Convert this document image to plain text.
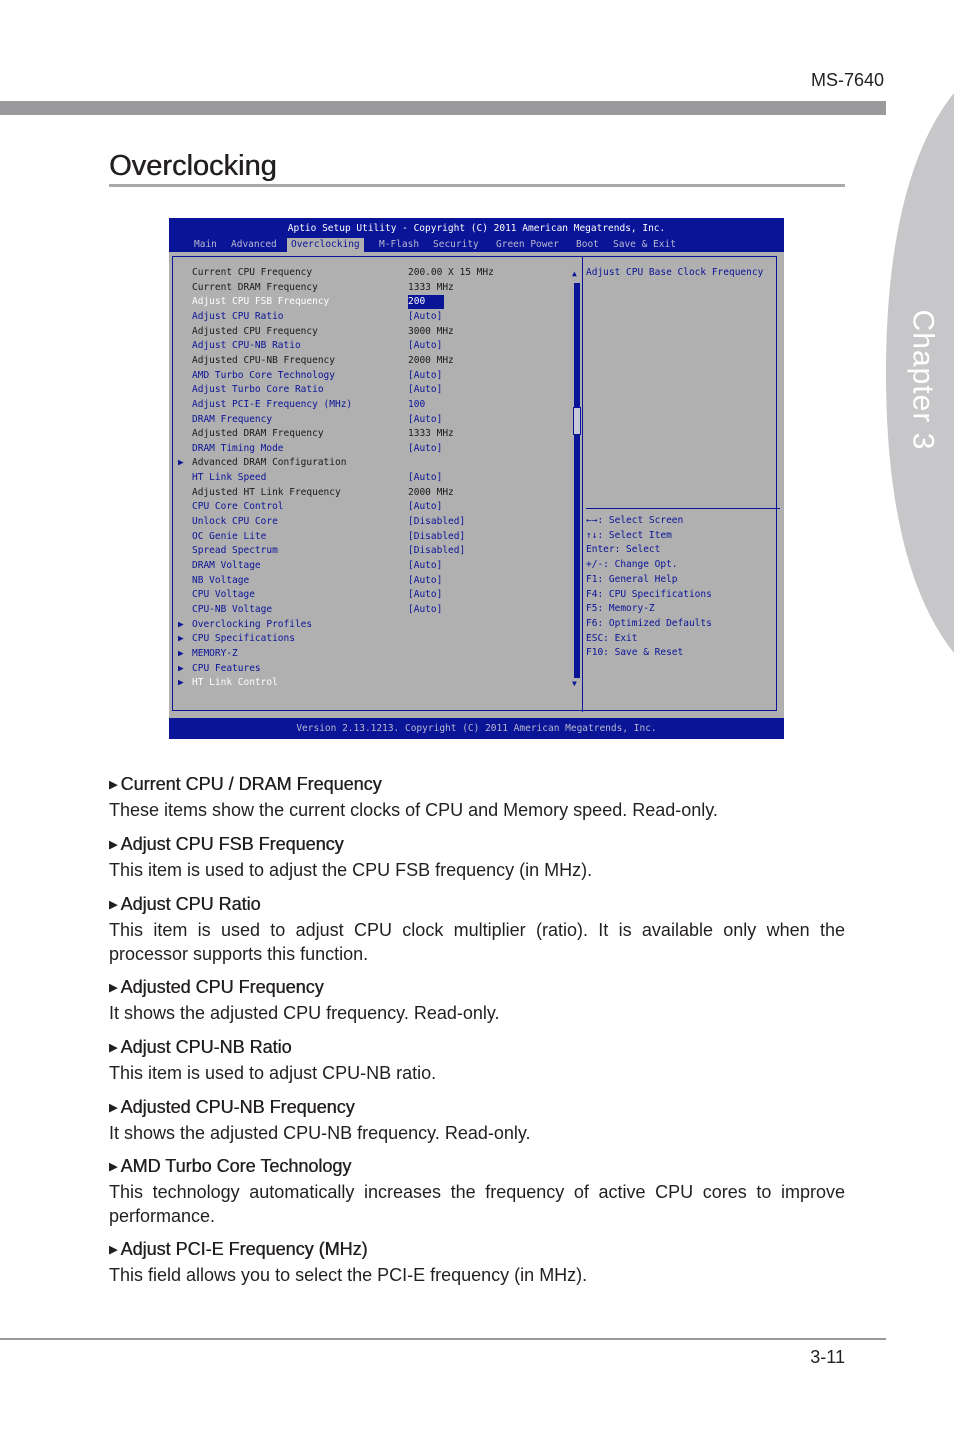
MS-7640
Chapter 3
Overclocking
Aptio Setup Utility - Copyright (C) 2011 American Megatrends, Inc.
Main Advanced	Overclocking	M-Flash Security Green Power Boot Save & Exit
▲
▼
Current CPU Frequency	200.00 X 15 MHz
Current DRAM Frequency	1333 MHz
Adjust CPU FSB Frequency	200
Adjust CPU Ratio	[Auto]
Adjusted CPU Frequency	3000 MHz
Adjust CPU-NB Ratio	[Auto]
Adjusted CPU-NB Frequency	2000 MHz
AMD Turbo Core Technology	[Auto]
Adjust Turbo Core Ratio	[Auto]
Adjust PCI-E Frequency (MHz)	100
DRAM Frequency	[Auto]
Adjusted DRAM Frequency	1333 MHz
DRAM Timing Mode	[Auto]
▶ Advanced DRAM Configuration
HT Link Speed	[Auto]
Adjusted HT Link Frequency	2000 MHz
CPU Core Control	[Auto]
Unlock CPU Core	[Disabled]
OC Genie Lite	[Disabled]
Spread Spectrum	[Disabled]
DRAM Voltage	[Auto]
NB Voltage	[Auto]
CPU Voltage	[Auto]
CPU-NB Voltage	[Auto]
▶ Overclocking Profiles
▶ CPU Specifications
▶ MEMORY-Z
▶ CPU Features
▶ HT Link Control
Adjust CPU Base Clock Frequency
←→: Select Screen
↑↓: Select Item
Enter: Select
+/-: Change Opt.
F1: General Help
F4: CPU Specifications
F5: Memory-Z
F6: Optimized Defaults
ESC: Exit
F10: Save & Reset
Version 2.13.1213. Copyright (C) 2011 American Megatrends, Inc.
▶ Current CPU / DRAM Frequency

These items show the current clocks of CPU and Memory speed. Read-only.

▶ Adjust CPU FSB Frequency

This item is used to adjust the CPU FSB frequency (in MHz).

▶ Adjust CPU Ratio

This item is used to adjust CPU clock multiplier (ratio). It is available only when the processor supports this function.

▶ Adjusted CPU Frequency

It shows the adjusted CPU frequency. Read-only.

▶ Adjust CPU-NB Ratio

This item is used to adjust CPU-NB ratio.

▶ Adjusted CPU-NB Frequency

It shows the adjusted CPU-NB frequency. Read-only.

▶ AMD Turbo Core Technology

This technology automatically increases the frequency of active CPU cores to improve performance.

▶ Adjust PCI-E Frequency (MHz)

This field allows you to select the PCI-E frequency (in MHz).

3-11
